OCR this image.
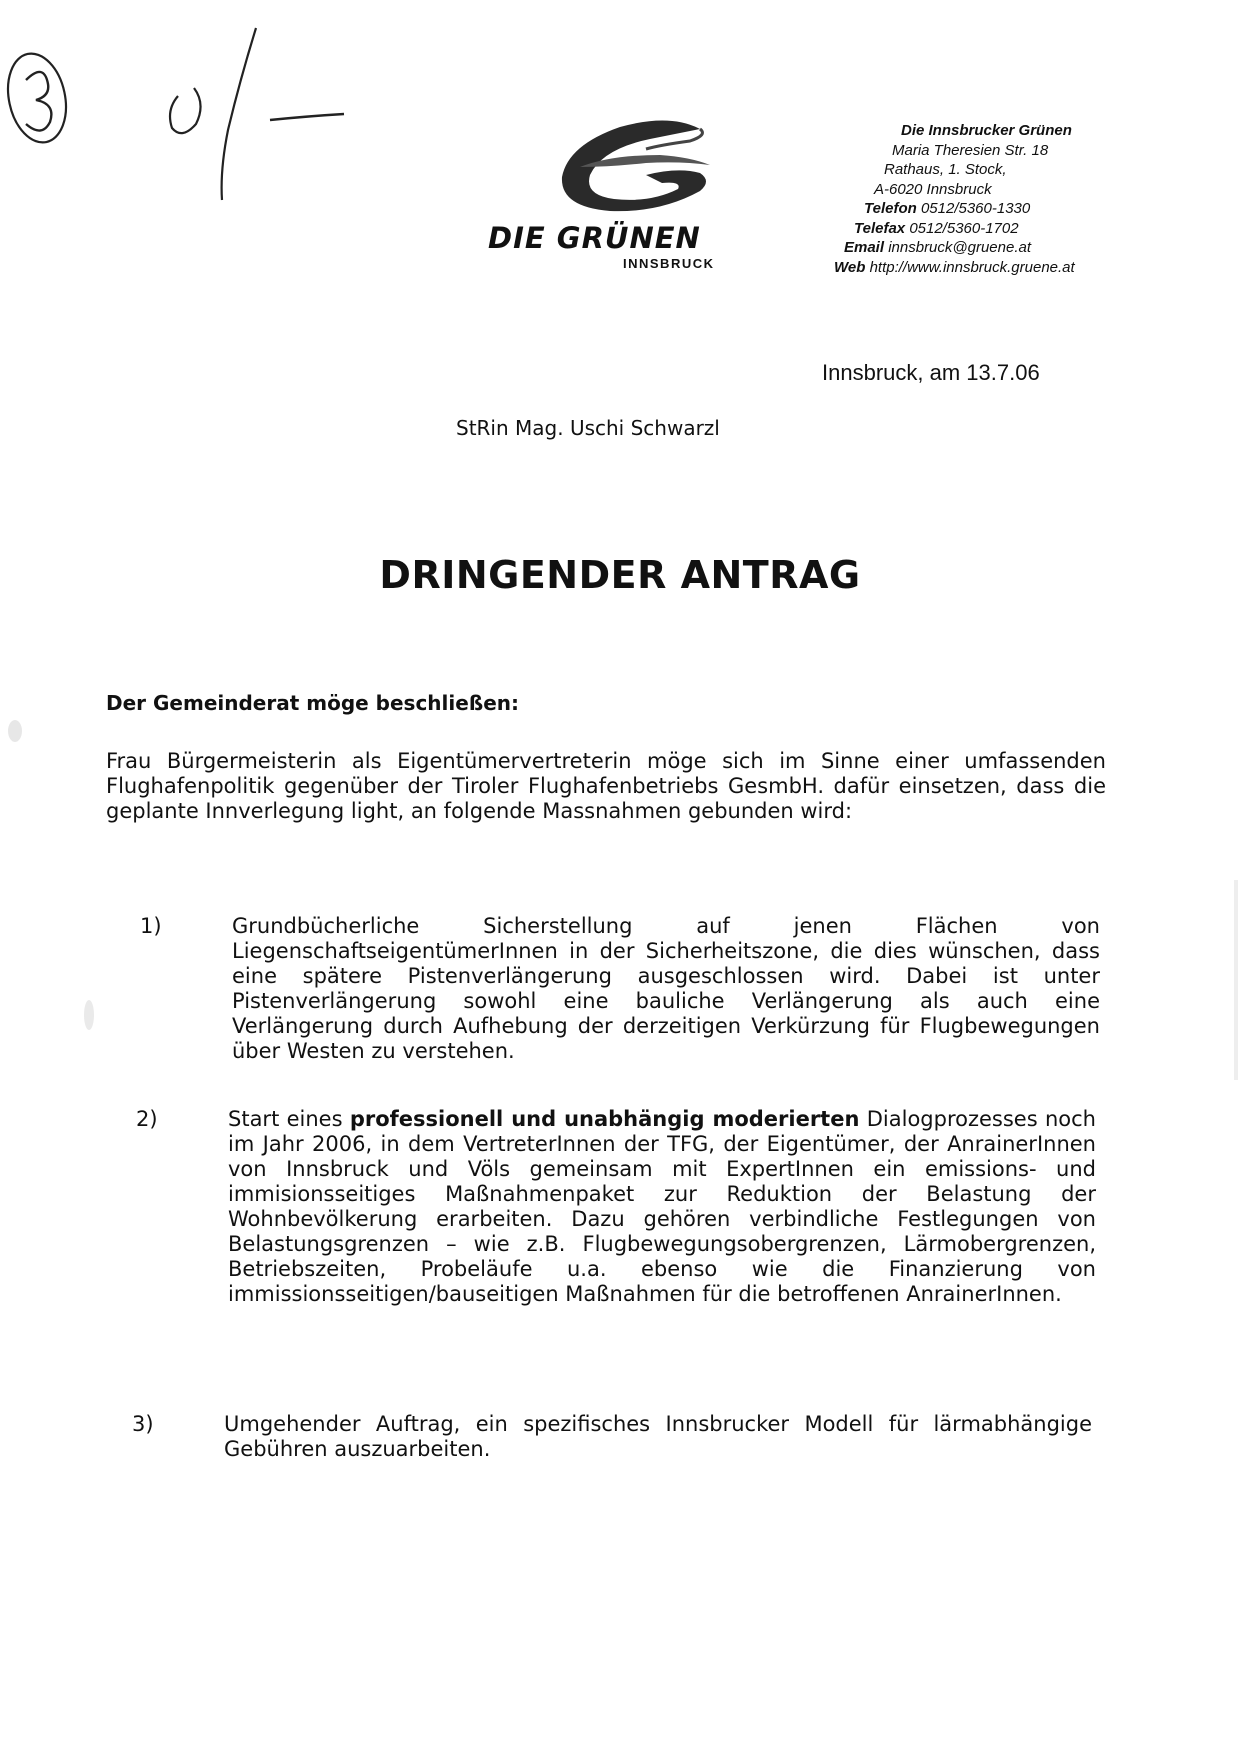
DIE GRÜNEN
INNSBRUCK
Die Innsbrucker Grünen
Maria Theresien Str. 18
Rathaus, 1. Stock,
A-6020 Innsbruck
Telefon 0512/5360-1330
Telefax 0512/5360-1702
Email innsbruck@gruene.at
Web http://www.innsbruck.gruene.at
Innsbruck, am 13.7.06
StRin Mag. Uschi Schwarzl
DRINGENDER ANTRAG
Der Gemeinderat möge beschließen:
Frau Bürgermeisterin als Eigentümervertreterin möge sich im Sinne einer umfassenden Flughafenpolitik gegenüber der Tiroler Flughafenbetriebs GesmbH. dafür einsetzen, dass die geplante Innverlegung light, an folgende Massnahmen gebunden wird:
1)	Grundbücherliche Sicherstellung auf jenen Flächen von LiegenschaftseigentümerInnen in der Sicherheitszone, die dies wünschen, dass eine spätere Pistenverlängerung ausgeschlossen wird. Dabei ist unter Pistenverlängerung sowohl eine bauliche Verlängerung als auch eine Verlängerung durch Aufhebung der derzeitigen Verkürzung für Flugbewegungen über Westen zu verstehen.
2)	Start eines professionell und unabhängig moderierten Dialogprozesses noch im Jahr 2006, in dem VertreterInnen der TFG, der Eigentümer, der AnrainerInnen von Innsbruck und Völs gemeinsam mit ExpertInnen ein emissions- und immisionsseitiges Maßnahmenpaket zur Reduktion der Belastung der Wohnbevölkerung erarbeiten. Dazu gehören verbindliche Festlegungen von Belastungsgrenzen – wie z.B. Flugbewegungsobergrenzen, Lärmobergrenzen, Betriebszeiten, Probeläufe u.a. ebenso wie die Finanzierung von immissionsseitigen/bauseitigen Maßnahmen für die betroffenen AnrainerInnen.
3)	Umgehender Auftrag, ein spezifisches Innsbrucker Modell für lärmabhängige Gebühren auszuarbeiten.
